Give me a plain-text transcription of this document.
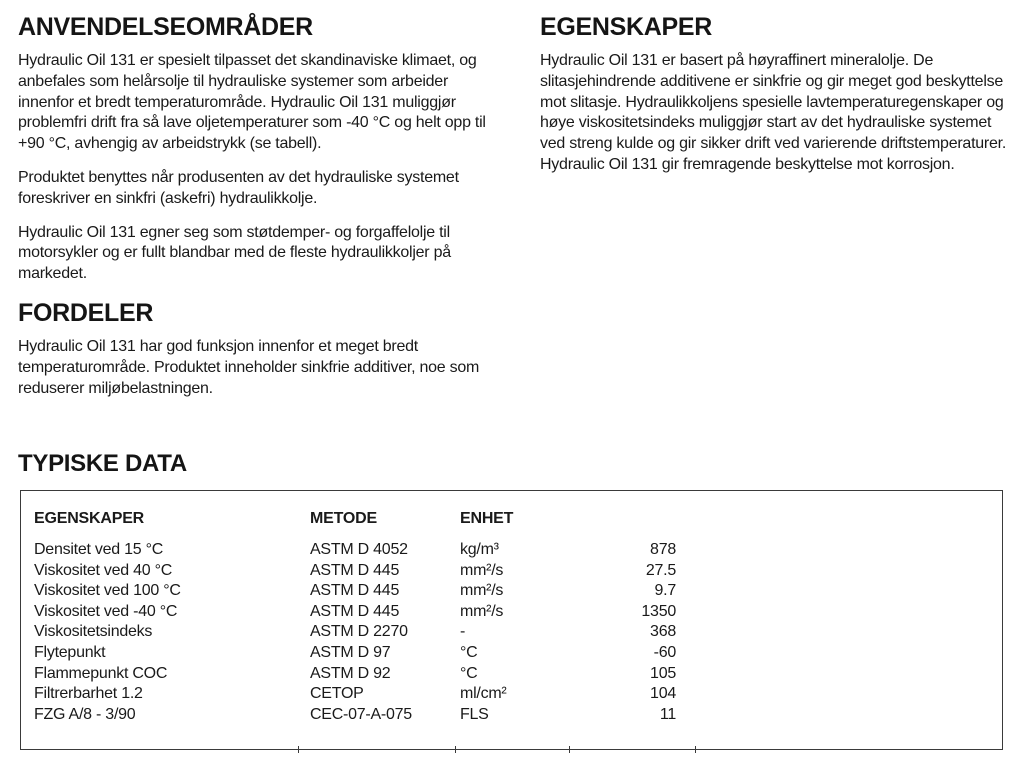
ANVENDELSEOMRÅDER

Hydraulic Oil 131 er spesielt tilpasset det skandinaviske klimaet, og anbefales som helårsolje til hydrauliske systemer som arbeider innenfor et bredt temperaturområde. Hydraulic Oil 131 muliggjør problemfri drift fra så lave oljetemperaturer som -40 °C og helt opp til +90 °C, avhengig av arbeidstrykk (se tabell).

Produktet benyttes når produsenten av det hydrauliske systemet foreskriver en sinkfri (askefri) hydraulikkolje.

Hydraulic Oil 131 egner seg som støtdemper- og forgaffelolje til motorsykler og er fullt blandbar med de fleste hydraulikkoljer på markedet.

FORDELER

Hydraulic Oil 131 har god funksjon innenfor et meget bredt temperaturområde. Produktet inneholder sinkfrie additiver, noe som reduserer miljøbelastningen.

EGENSKAPER

Hydraulic Oil 131 er basert på høyraffinert mineralolje. De slitasjehindrende additivene er sinkfrie og gir meget god beskyttelse mot slitasje. Hydraulikkoljens spesielle lavtemperaturegenskaper og høye viskositetsindeks muliggjør start av det hydrauliske systemet ved streng kulde og gir sikker drift ved varierende driftstemperaturer. Hydraulic Oil 131 gir fremragende beskyttelse mot korrosjon.

TYPISKE DATA
EGENSKAPER	METODE	ENHET
Densitet ved 15 °C	ASTM D 4052	kg/m³	878
Viskositet ved 40 °C	ASTM D 445	mm²/s	27.5
Viskositet ved 100 °C	ASTM D 445	mm²/s	9.7
Viskositet ved -40 °C	ASTM D 445	mm²/s	1350
Viskositetsindeks	ASTM D 2270	-	368
Flytepunkt	ASTM D 97	°C	-60
Flammepunkt COC	ASTM D 92	°C	105
Filtrerbarhet 1.2	CETOP	ml/cm²	104
FZG A/8 - 3/90	CEC-07-A-075	FLS	11
